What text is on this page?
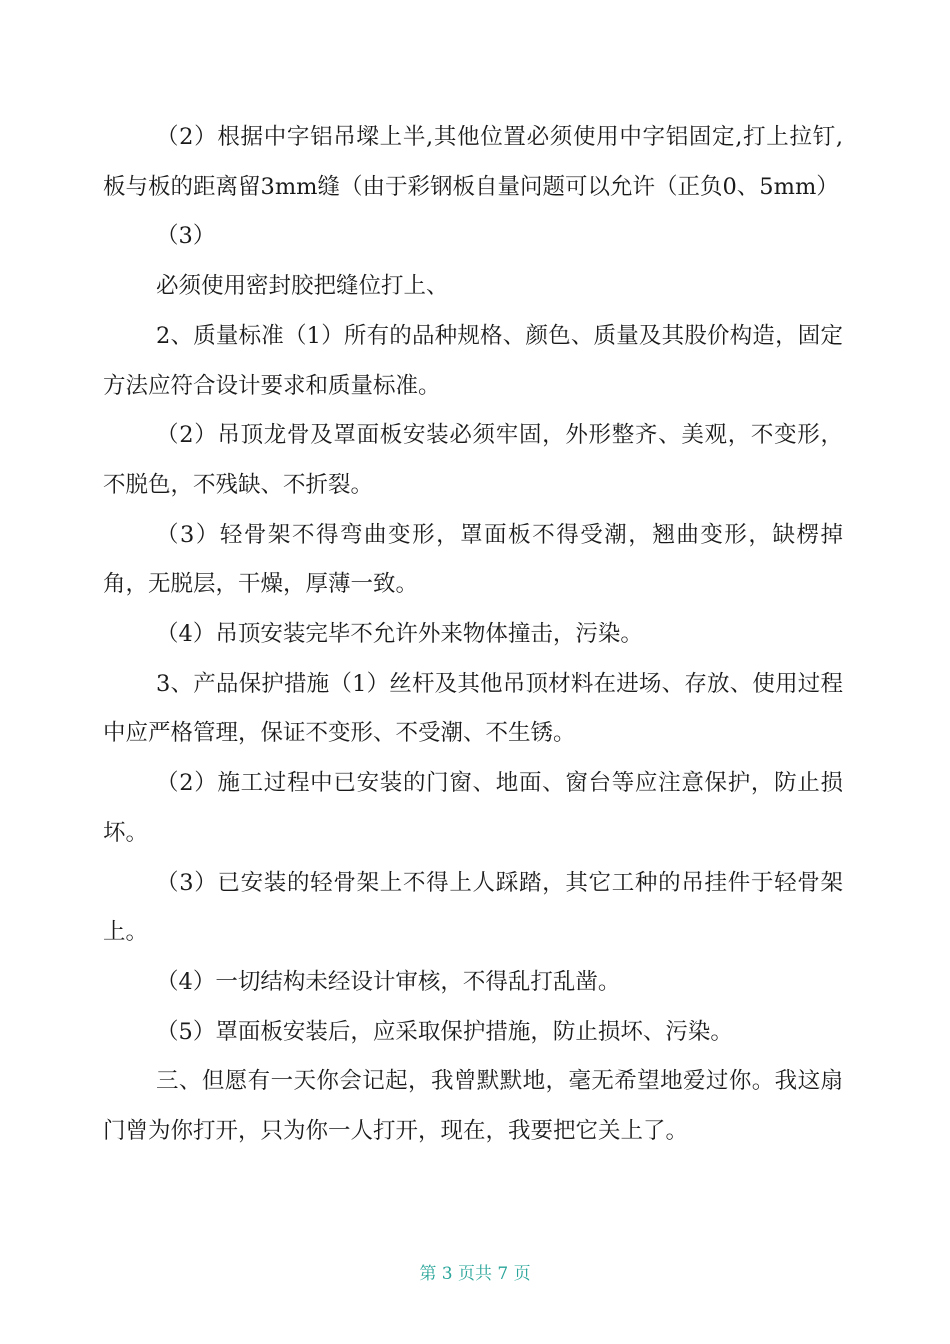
（2）根据中字铝吊墚上半,其他位置必须使用中字铝固定,打上拉钉,板与板的距离留3mm缝（由于彩钢板自量问题可以允许（正负0、5mm）

（3）

必须使用密封胶把缝位打上、

2、质量标准（1）所有的品种规格、颜色、质量及其股价构造，固定方法应符合设计要求和质量标准。

（2）吊顶龙骨及罩面板安装必须牢固，外形整齐、美观，不变形，不脱色，不残缺、不折裂。

（3）轻骨架不得弯曲变形，罩面板不得受潮，翘曲变形，缺楞掉角，无脱层，干燥，厚薄一致。

（4）吊顶安装完毕不允许外来物体撞击，污染。

3、产品保护措施（1）丝杆及其他吊顶材料在进场、存放、使用过程中应严格管理，保证不变形、不受潮、不生锈。

（2）施工过程中已安装的门窗、地面、窗台等应注意保护，防止损坏。

（3）已安装的轻骨架上不得上人踩踏，其它工种的吊挂件于轻骨架上。

（4）一切结构未经设计审核，不得乱打乱凿。

（5）罩面板安装后，应采取保护措施，防止损坏、污染。

三、但愿有一天你会记起，我曾默默地，毫无希望地爱过你。我这扇门曾为你打开，只为你一人打开，现在，我要把它关上了。

第 3 页共 7 页
